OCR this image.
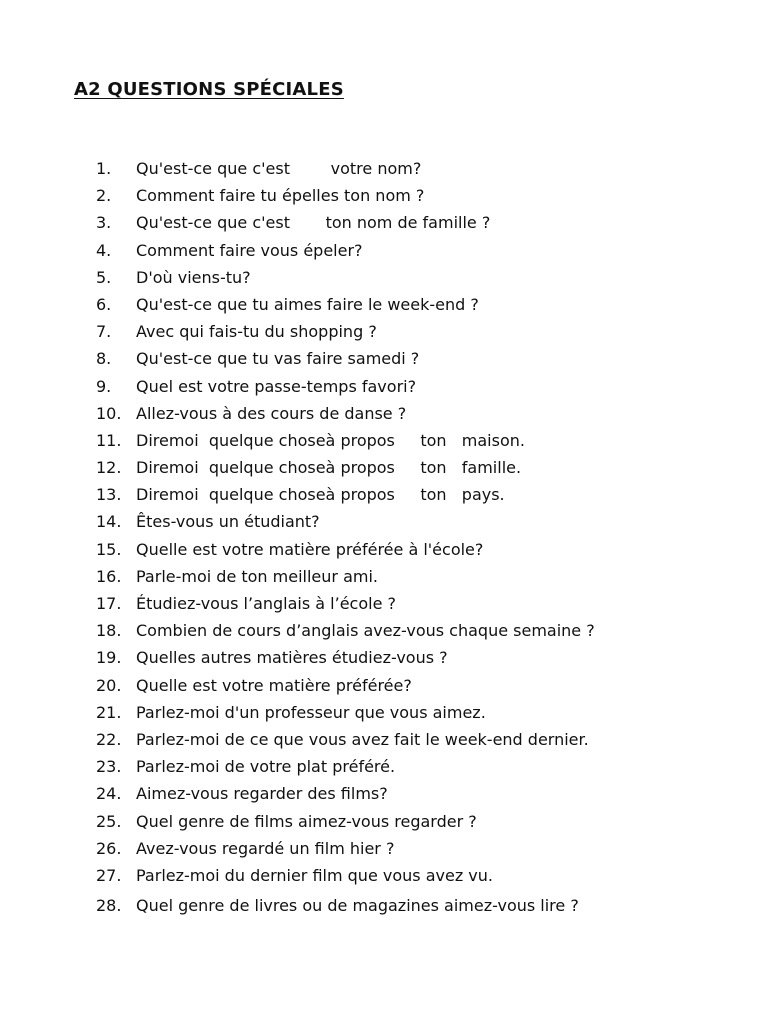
A2 QUESTIONS SPÉCIALES
1. Qu'est-ce que c'est        votre nom?
2. Comment faire tu épelles ton nom ?
3. Qu'est-ce que c'est       ton nom de famille ?
4. Comment faire vous épeler?
5. D'où viens-tu?
6. Qu'est-ce que tu aimes faire le week-end ?
7. Avec qui fais-tu du shopping ?
8. Qu'est-ce que tu vas faire samedi ?
9. Quel est votre passe-temps favori?
10. Allez-vous à des cours de danse ?
11. Diremoi  quelque choseà propos     ton   maison.
12. Diremoi  quelque choseà propos     ton   famille.
13. Diremoi  quelque choseà propos     ton   pays.
14. Êtes-vous un étudiant?
15. Quelle est votre matière préférée à l'école?
16. Parle-moi de ton meilleur ami.
17. Étudiez-vous l’anglais à l’école ?
18. Combien de cours d’anglais avez-vous chaque semaine ?
19. Quelles autres matières étudiez-vous ?
20. Quelle est votre matière préférée?
21. Parlez-moi d'un professeur que vous aimez.
22. Parlez-moi de ce que vous avez fait le week-end dernier.
23. Parlez-moi de votre plat préféré.
24. Aimez-vous regarder des films?
25. Quel genre de films aimez-vous regarder ?
26. Avez-vous regardé un film hier ?
27. Parlez-moi du dernier film que vous avez vu.
28. Quel genre de livres ou de magazines aimez-vous lire ?
